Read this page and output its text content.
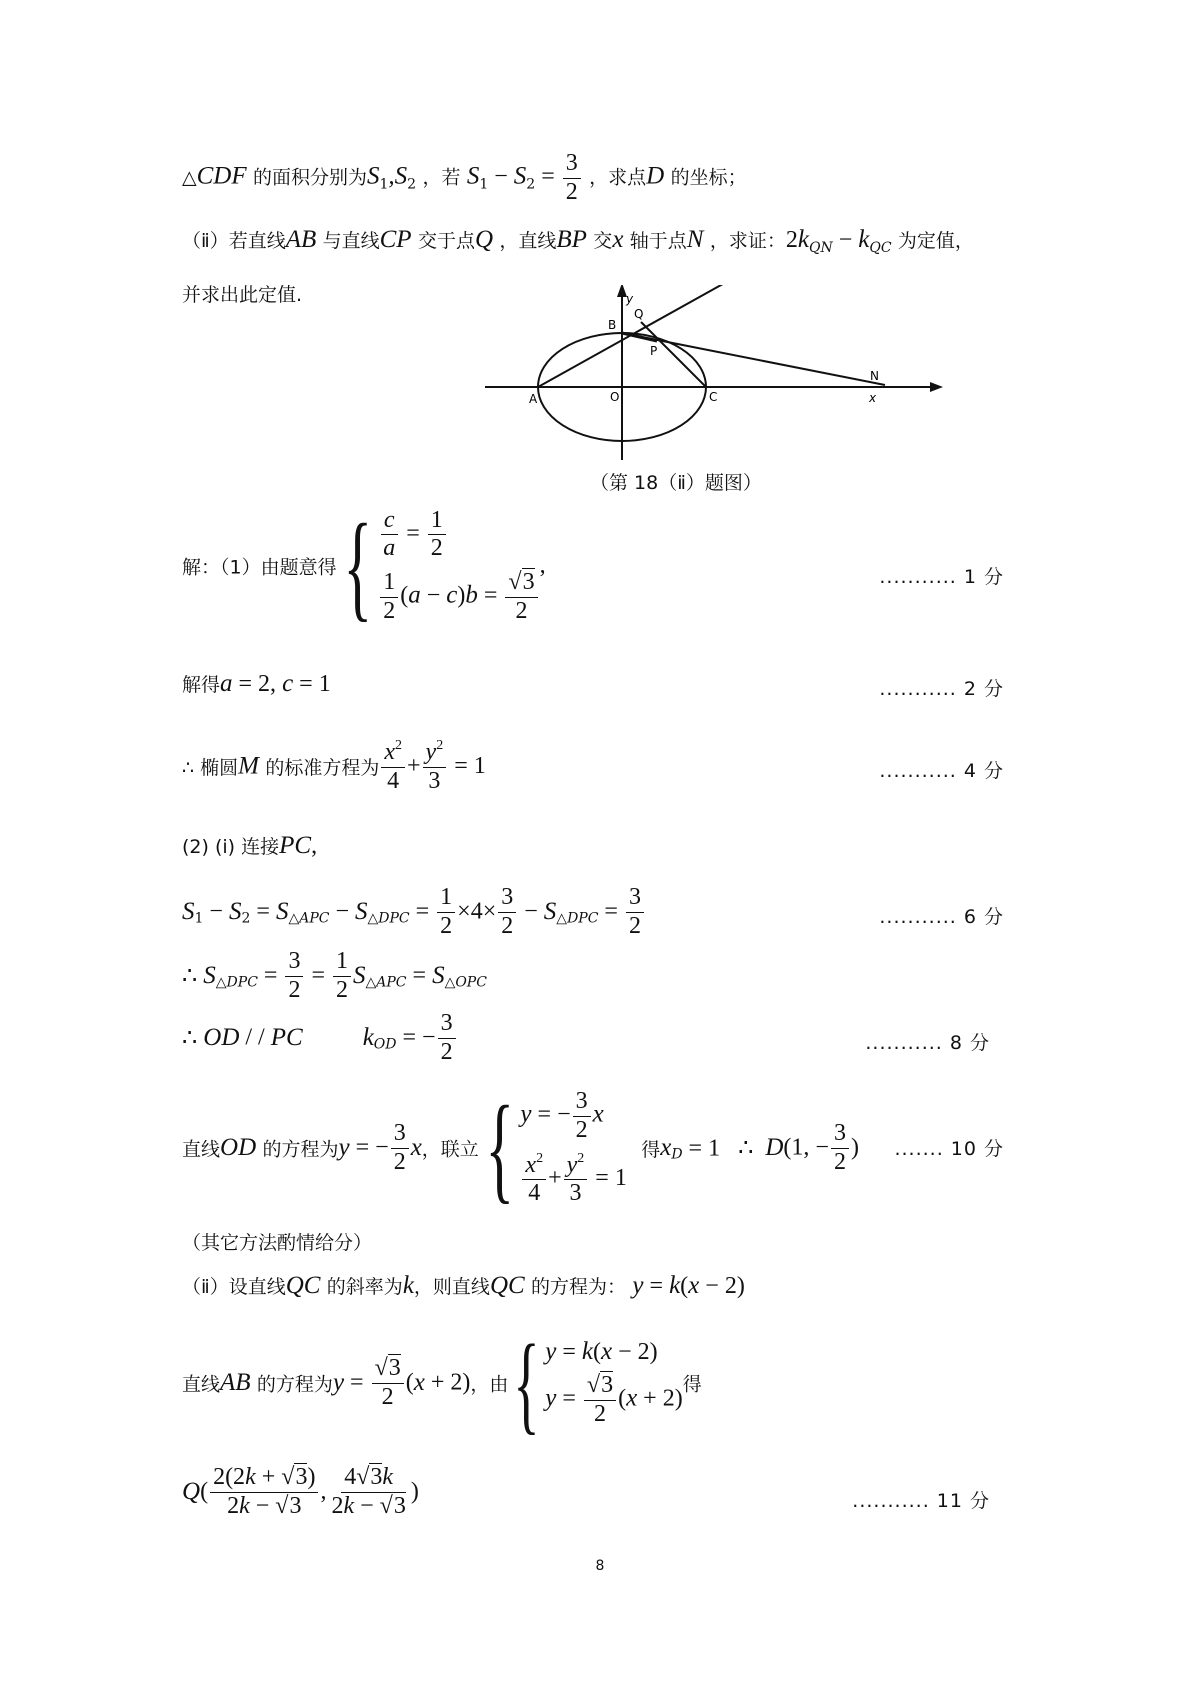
△CDF 的面积分别为$S_1,S_2$ ，若 $S_1 - S_2 = \frac{3}{2}$ ，求点D 的坐标；
（ⅱ）若直线AB 与直线CP 交于点Q ，直线BP 交x 轴于点N ，求证：$2k_{QN} - k_{QC}$ 为定值，
并求出此定值.
A
B
C
O
P
Q
N
x
y
（第 18（ⅱ）题图）
解：（1）由题意得{ $\frac{c}{a} = \frac{1}{2}$
$\frac{1}{2} (a - c)b = \frac{√3}{2}$
,	........... 1 分
解得a = 2, c = 1	........... 2 分
∴ 椭圆M 的标准方程为 $\frac{x^2}{4} + \frac{y^2}{3} = 1$	........... 4 分
(2) (ⅰ) 连接PC,
$S_1 - S_2 = S_{\triangle APC} - S_{\triangle DPC} = \frac{1}{2} \times 4\times \frac{3}{2} - S_{\triangle DPC} = \frac{3}{2}$	........... 6 分
∴ $S_{\triangle DPC} = \frac{3}{2} = \frac{1}{2} S_{\triangle APC} = S_{\triangle OPC}$
∴ OD / / PC $k_{OD}$ = − $\frac{3}{2}$	........... 8 分
直线OD 的方程为y = − $\frac{3}{2}$ x，联立{ y = − $\frac{3}{2}$ x
$\frac{x^2}{4} + \frac{y^2}{3} = 1$
得$x_D = 1$   ∴  D(1, − $\frac{3}{2}$ ) ....... 10 分
（其它方法酌情给分）
（ⅱ）设直线QC 的斜率为k，则直线QC 的方程为： y = k(x − 2)
直线AB 的方程为$y = \frac{√3}{2} (x + 2)$，由{ y = k(x − 2)
$y = \frac{√3}{2} (x + 2)$
得
$Q( \frac{2(2k + √3)}{2k - √3}$ , $\frac{4√3k}{2k - √3}$ )	........... 11 分
8
